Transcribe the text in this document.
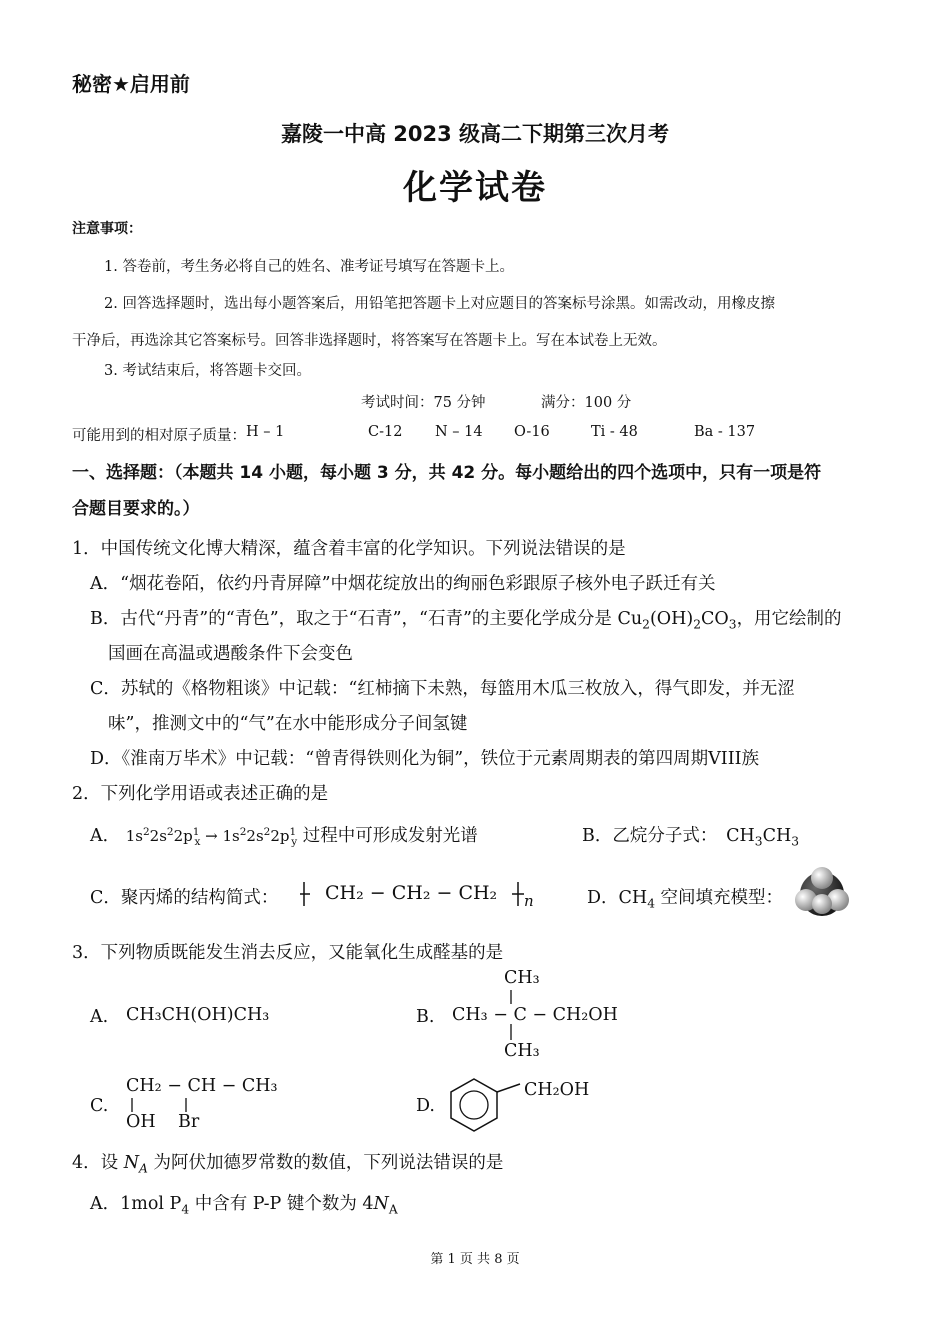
秘密★启用前
嘉陵一中高 2023 级高二下期第三次月考
化学试卷
注意事项：
1. 答卷前，考生务必将自己的姓名、准考证号填写在答题卡上。
2. 回答选择题时，选出每小题答案后，用铅笔把答题卡上对应题目的答案标号涂黑。如需改动，用橡皮擦
干净后，再选涂其它答案标号。回答非选择题时，将答案写在答题卡上。写在本试卷上无效。
3. 考试结束后，将答题卡交回。
考试时间：75 分钟	满分：100 分
可能用到的相对原子质量： H – 1	C-12 N – 14 O-16	Ti - 48	Ba - 137
一、选择题：（本题共 14 小题，每小题 3 分，共 42 分。每小题给出的四个选项中，只有一项是符
合题目要求的。）
1．中国传统文化博大精深，蕴含着丰富的化学知识。下列说法错误的是
A．“烟花卷陌，依约丹青屏障”中烟花绽放出的绚丽色彩跟原子核外电子跃迁有关
B．古代“丹青”的“青色”，取之于“石青”，“石青”的主要化学成分是 $Cu_2(OH)_2CO_3$，用它绘制的
国画在高温或遇酸条件下会变色
C．苏轼的《格物粗谈》中记载：“红柿摘下未熟，每篮用木瓜三枚放入，得气即发，并无涩
味”，推测文中的“气”在水中能形成分子间氢键
D．《淮南万毕术》中记载：“曾青得铁则化为铜”，铁位于元素周期表的第四周期VIII族
2．下列化学用语或表述正确的是
A． $1s^22s^22p^1_x \to 1s^22s^22p^1_y$ 过程中可形成发射光谱	B．乙烷分子式：　$CH_3CH_3$
C．聚丙烯的结构简式： CH₂ − CH₂ − CH₂ n	D．$CH_4$ 空间填充模型：
3．下列物质既能发生消去反应，又能氧化生成醛基的是
A. CH₃CH(OH)CH₃	B.
CH₃
CH₃ − C − CH₂OH
CH₃
C.
CH₂ − CH − CH₃
OH Br
D.
CH₂OH
4．设 $N_A$ 为阿伏加德罗常数的数值，下列说法错误的是
A．1mol $P_4$ 中含有 P-P 键个数为 $4N_A$
第 1 页 共 8 页
